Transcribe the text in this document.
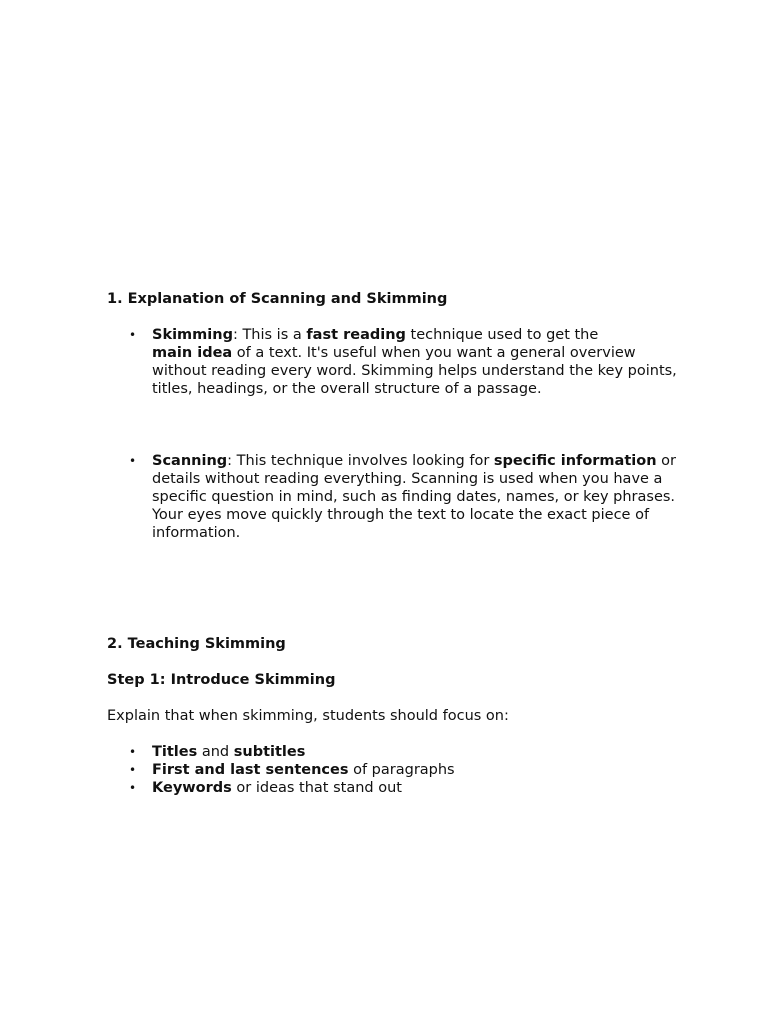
1. Explanation of Scanning and Skimming

• Skimming: This is a fast reading technique used to get the
main idea of a text. It's useful when you want a general overview without reading every word. Skimming helps understand the key points, titles, headings, or the overall structure of a passage.
• Scanning: This technique involves looking for specific information or details without reading everything. Scanning is used when you have a specific question in mind, such as finding dates, names, or key phrases. Your eyes move quickly through the text to locate the exact piece of information.

2. Teaching Skimming

Step 1: Introduce Skimming

Explain that when skimming, students should focus on:

• Titles and subtitles
• First and last sentences of paragraphs
• Keywords or ideas that stand out
